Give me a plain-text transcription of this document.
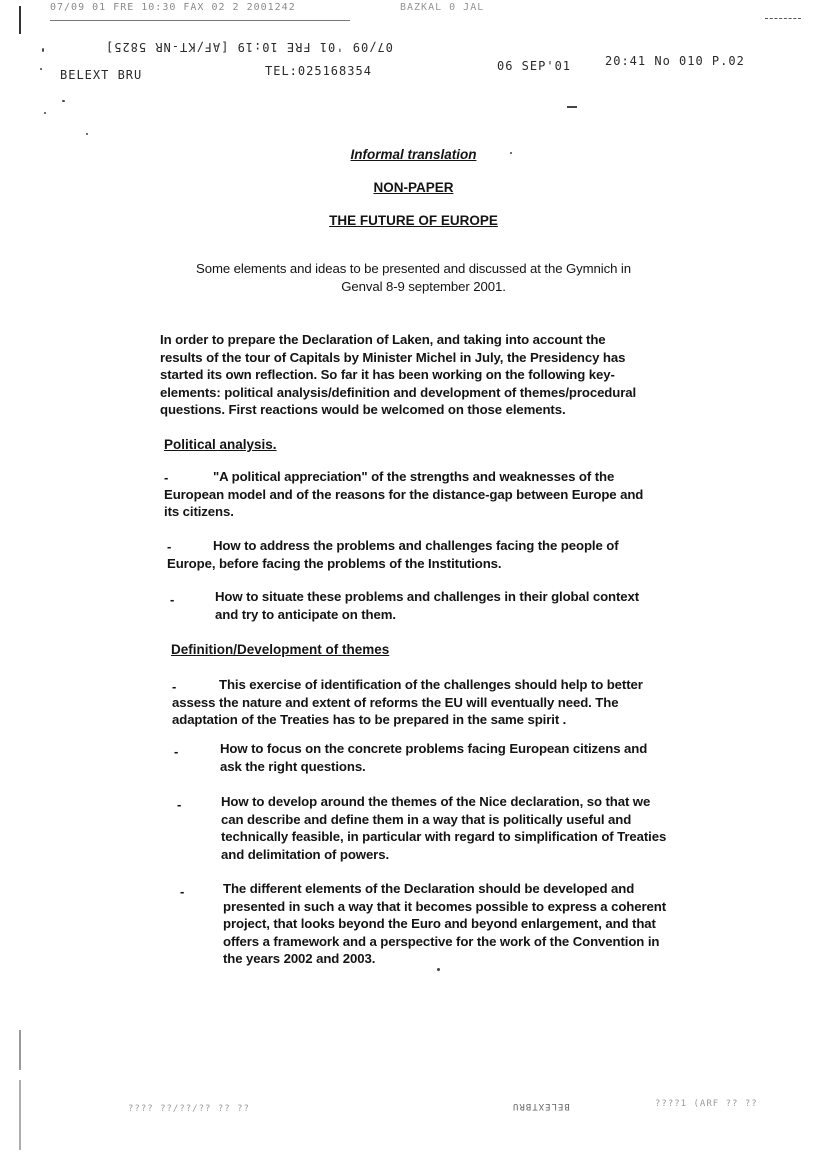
07/09 01 FRE 10:30 FAX 02 2 2001242	BAZKAL 0 JAL
07/09 '01 FRE 10:19 [AF/KT-NR 5825]
BELEXT BRU	TEL:025168354	06 SEP'01	20:41 No 010 P.02
Informal translation
NON-PAPER
THE FUTURE OF EUROPE
Some elements and ideas to be presented and discussed at the Gymnich in
Genval 8-9 september 2001.
In order to prepare the Declaration of Laken, and taking into account the
results of the tour of Capitals by Minister Michel in July, the Presidency has
started its own reflection. So far it has been working on the following key-
elements: political analysis/definition and development of themes/procedural
questions. First reactions would be welcomed on those elements.
Political analysis.
-	"A political appreciation" of the strengths and weaknesses of the
European model and of the reasons for the distance-gap between Europe and
its citizens.
-	How to address the problems and challenges facing the people of
Europe, before facing the problems of the Institutions.
-	How to situate these problems and challenges in their global context
and try to anticipate on them.
Definition/Development of themes
-	This exercise of identification of the challenges should help to better
assess the nature and extent of reforms the EU will eventually need. The
adaptation of the Treaties has to be prepared in the same spirit .
-	How to focus on the concrete problems facing European citizens and
ask the right questions.
-	How to develop around the themes of the Nice declaration, so that we
can describe and define them in a way that is politically useful and
technically feasible, in particular with regard to simplification of Treaties
and delimitation of powers.
-	The different elements of the Declaration should be developed and
presented in such a way that it becomes possible to express a coherent
project, that looks beyond the Euro and beyond enlargement, and that
offers a framework and a perspective for the work of the Convention in
the years 2002 and 2003.
???? ??/??/?? ?? ??	BELEXTBRU	????1 (ARF ?? ??
